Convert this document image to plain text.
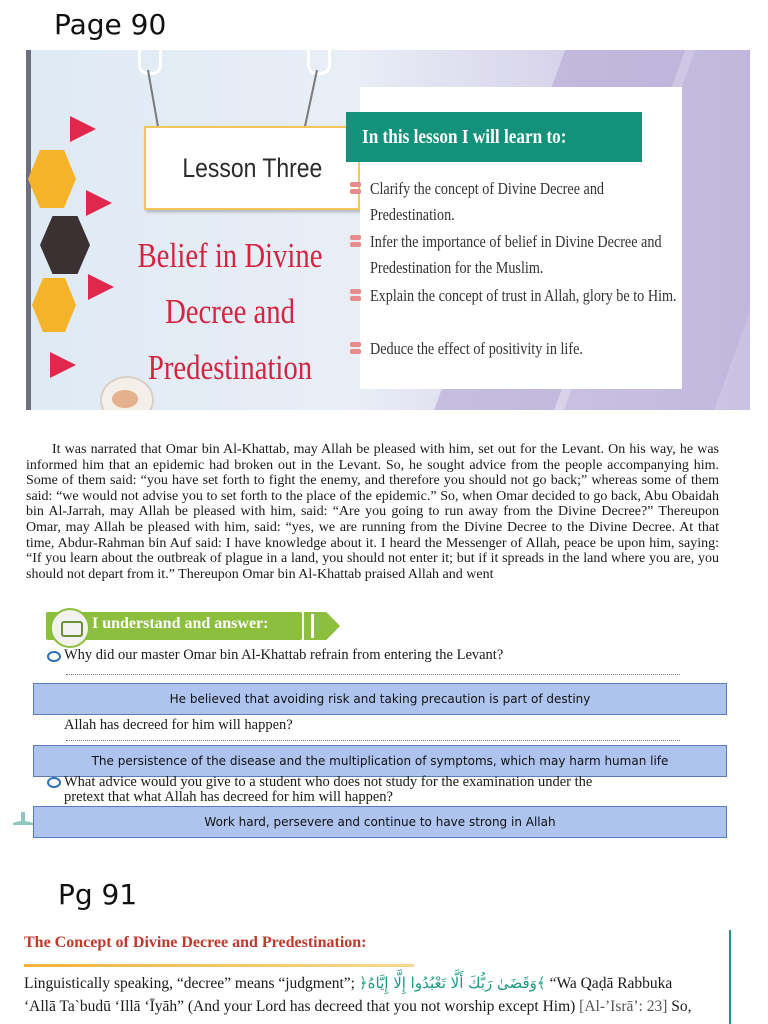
Page 90
Lesson Three
Belief in Divine
Decree and
Predestination
In this lesson I will learn to:
Clarify the concept of Divine Decree and Predestination.
Infer the importance of belief in Divine Decree and Predestination for the Muslim.
Explain the concept of trust in Allah, glory be to Him.
Deduce the effect of positivity in life.
It was narrated that Omar bin Al-Khattab, may Allah be pleased with him, set out for the Levant. On his way, he was informed him that an epidemic had broken out in the Levant. So, he sought advice from the people accompanying him. Some of them said: “you have set forth to fight the enemy, and therefore you should not go back;” whereas some of them said: “we would not advise you to set forth to the place of the epidemic.” So, when Omar decided to go back, Abu Obaidah bin Al-Jarrah, may Allah be pleased with him, said: “Are you going to run away from the Divine Decree?” Thereupon Omar, may Allah be pleased with him, said: “yes, we are running from the Divine Decree to the Divine Decree. At that time, Abdur-Rahman bin Auf said: I have knowledge about it. I heard the Messenger of Allah, peace be upon him, saying: “If you learn about the outbreak of plague in a land, you should not enter it; but if it spreads in the land where you are, you should not depart from it.” Thereupon Omar bin Al-Khattab praised Allah and went
I understand and answer:
Why did our master Omar bin Al-Khattab refrain from entering the Levant?
He believed that avoiding risk and taking precaution is part of destiny
Allah has decreed for him will happen?
The persistence of the disease and the multiplication of symptoms, which may harm human life
What advice would you give to a student who does not study for the examination under the
pretext that what Allah has decreed for him will happen?
Work hard, persevere and continue to have strong in Allah
Pg 91
The Concept of Divine Decree and Predestination:
Linguistically speaking, “decree” means “judgment”; ﴿وَقَضَىٰ رَبُّكَ أَلَّا تَعْبُدُوا إِلَّا إِيَّاهُ﴾ “Wa Qaḍā Rabbuka
‘Allā Ta`budū ‘Illā ‘Īyāh” (And your Lord has decreed that you not worship except Him) [Al-’Isrā’: 23] So,
